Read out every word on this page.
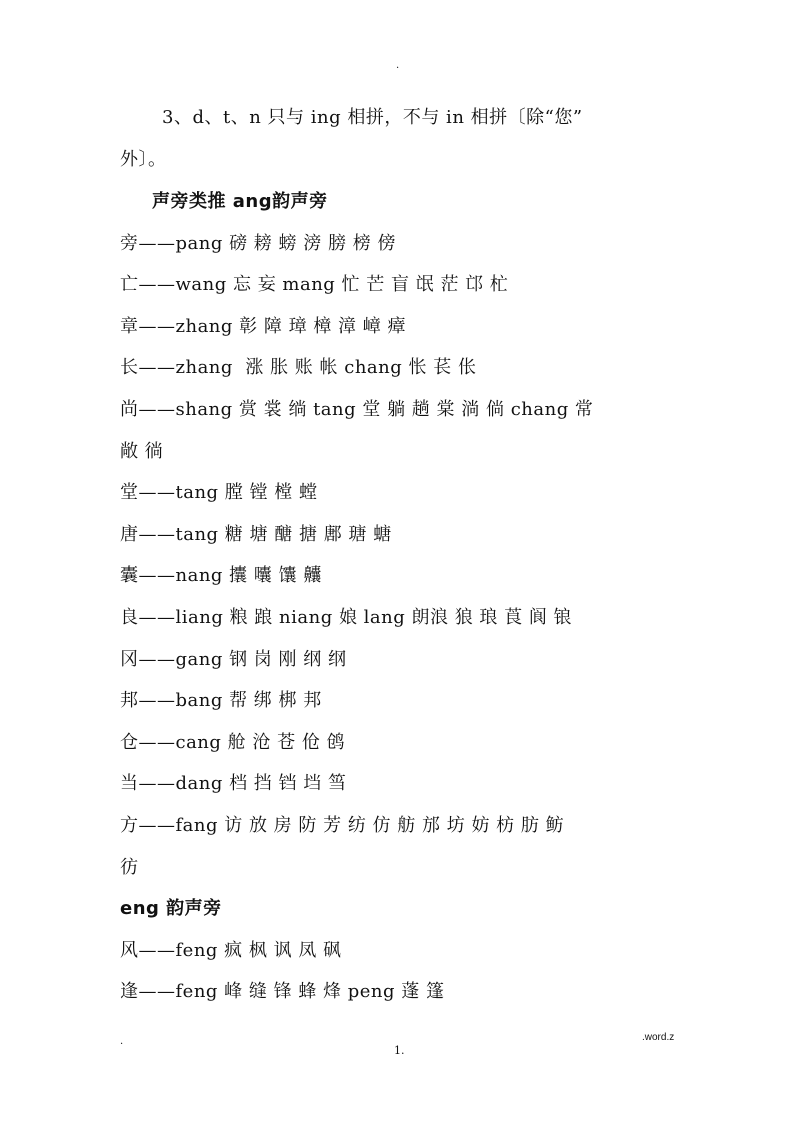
.
3、d、t、n 只与 ing 相拼，不与 in 相拼〔除“您”
外〕。
声旁类推 ang韵声旁
旁——pang 磅 耪 螃 滂 膀 榜 傍
亡——wang 忘 妄 mang 忙 芒 盲 氓 茫 邙 杧
章——zhang 彰 障 璋 樟 漳 嶂 瘴
长——zhang  涨 胀 账 帐 chang 怅 苌 伥
尚——shang 赏 裳 绱 tang 堂 躺 趟 棠 淌 倘 chang 常
敞 徜
堂——tang 膛 镗 樘 螳
唐——tang 糖 塘 醣 搪 鄌 瑭 螗
囊——nang 攮 囔 馕 齉
良——liang 粮 踉 niang 娘 lang 朗浪 狼 琅 莨 阆 锒
冈——gang 钢 岗 刚 纲 纲
邦——bang 帮 绑 梆 邦
仓——cang 舱 沧 苍 伧 鸧
当——dang 档 挡 铛 垱 筜
方——fang 访 放 房 防 芳 纺 仿 舫 邡 坊 妨 枋 肪 鲂
彷
eng 韵声旁
风——feng 疯 枫 讽 凤 砜
逢——feng 峰 缝 锋 蜂 烽 peng 蓬 篷
.	.word.z
1.
